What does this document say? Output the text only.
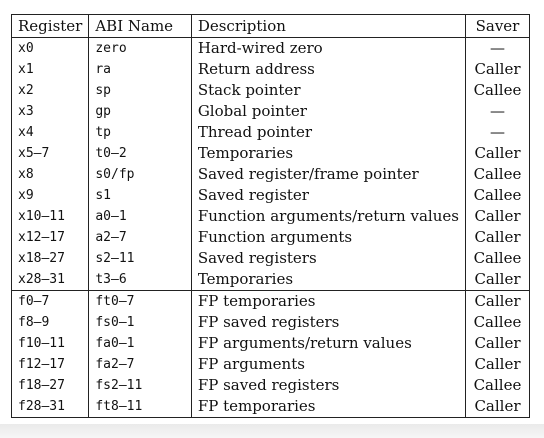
Register	ABI Name	Description	Saver
x0	zero	Hard-wired zero	—
x1	ra	Return address	Caller
x2	sp	Stack pointer	Callee
x3	gp	Global pointer	—
x4	tp	Thread pointer	—
x5–7	t0–2	Temporaries	Caller
x8	s0/fp	Saved register/frame pointer	Callee
x9	s1	Saved register	Callee
x10–11	a0–1	Function arguments/return values	Caller
x12–17	a2–7	Function arguments	Caller
x18–27	s2–11	Saved registers	Callee
x28–31	t3–6	Temporaries	Caller
f0–7	ft0–7	FP temporaries	Caller
f8–9	fs0–1	FP saved registers	Callee
f10–11	fa0–1	FP arguments/return values	Caller
f12–17	fa2–7	FP arguments	Caller
f18–27	fs2–11	FP saved registers	Callee
f28–31	ft8–11	FP temporaries	Caller
